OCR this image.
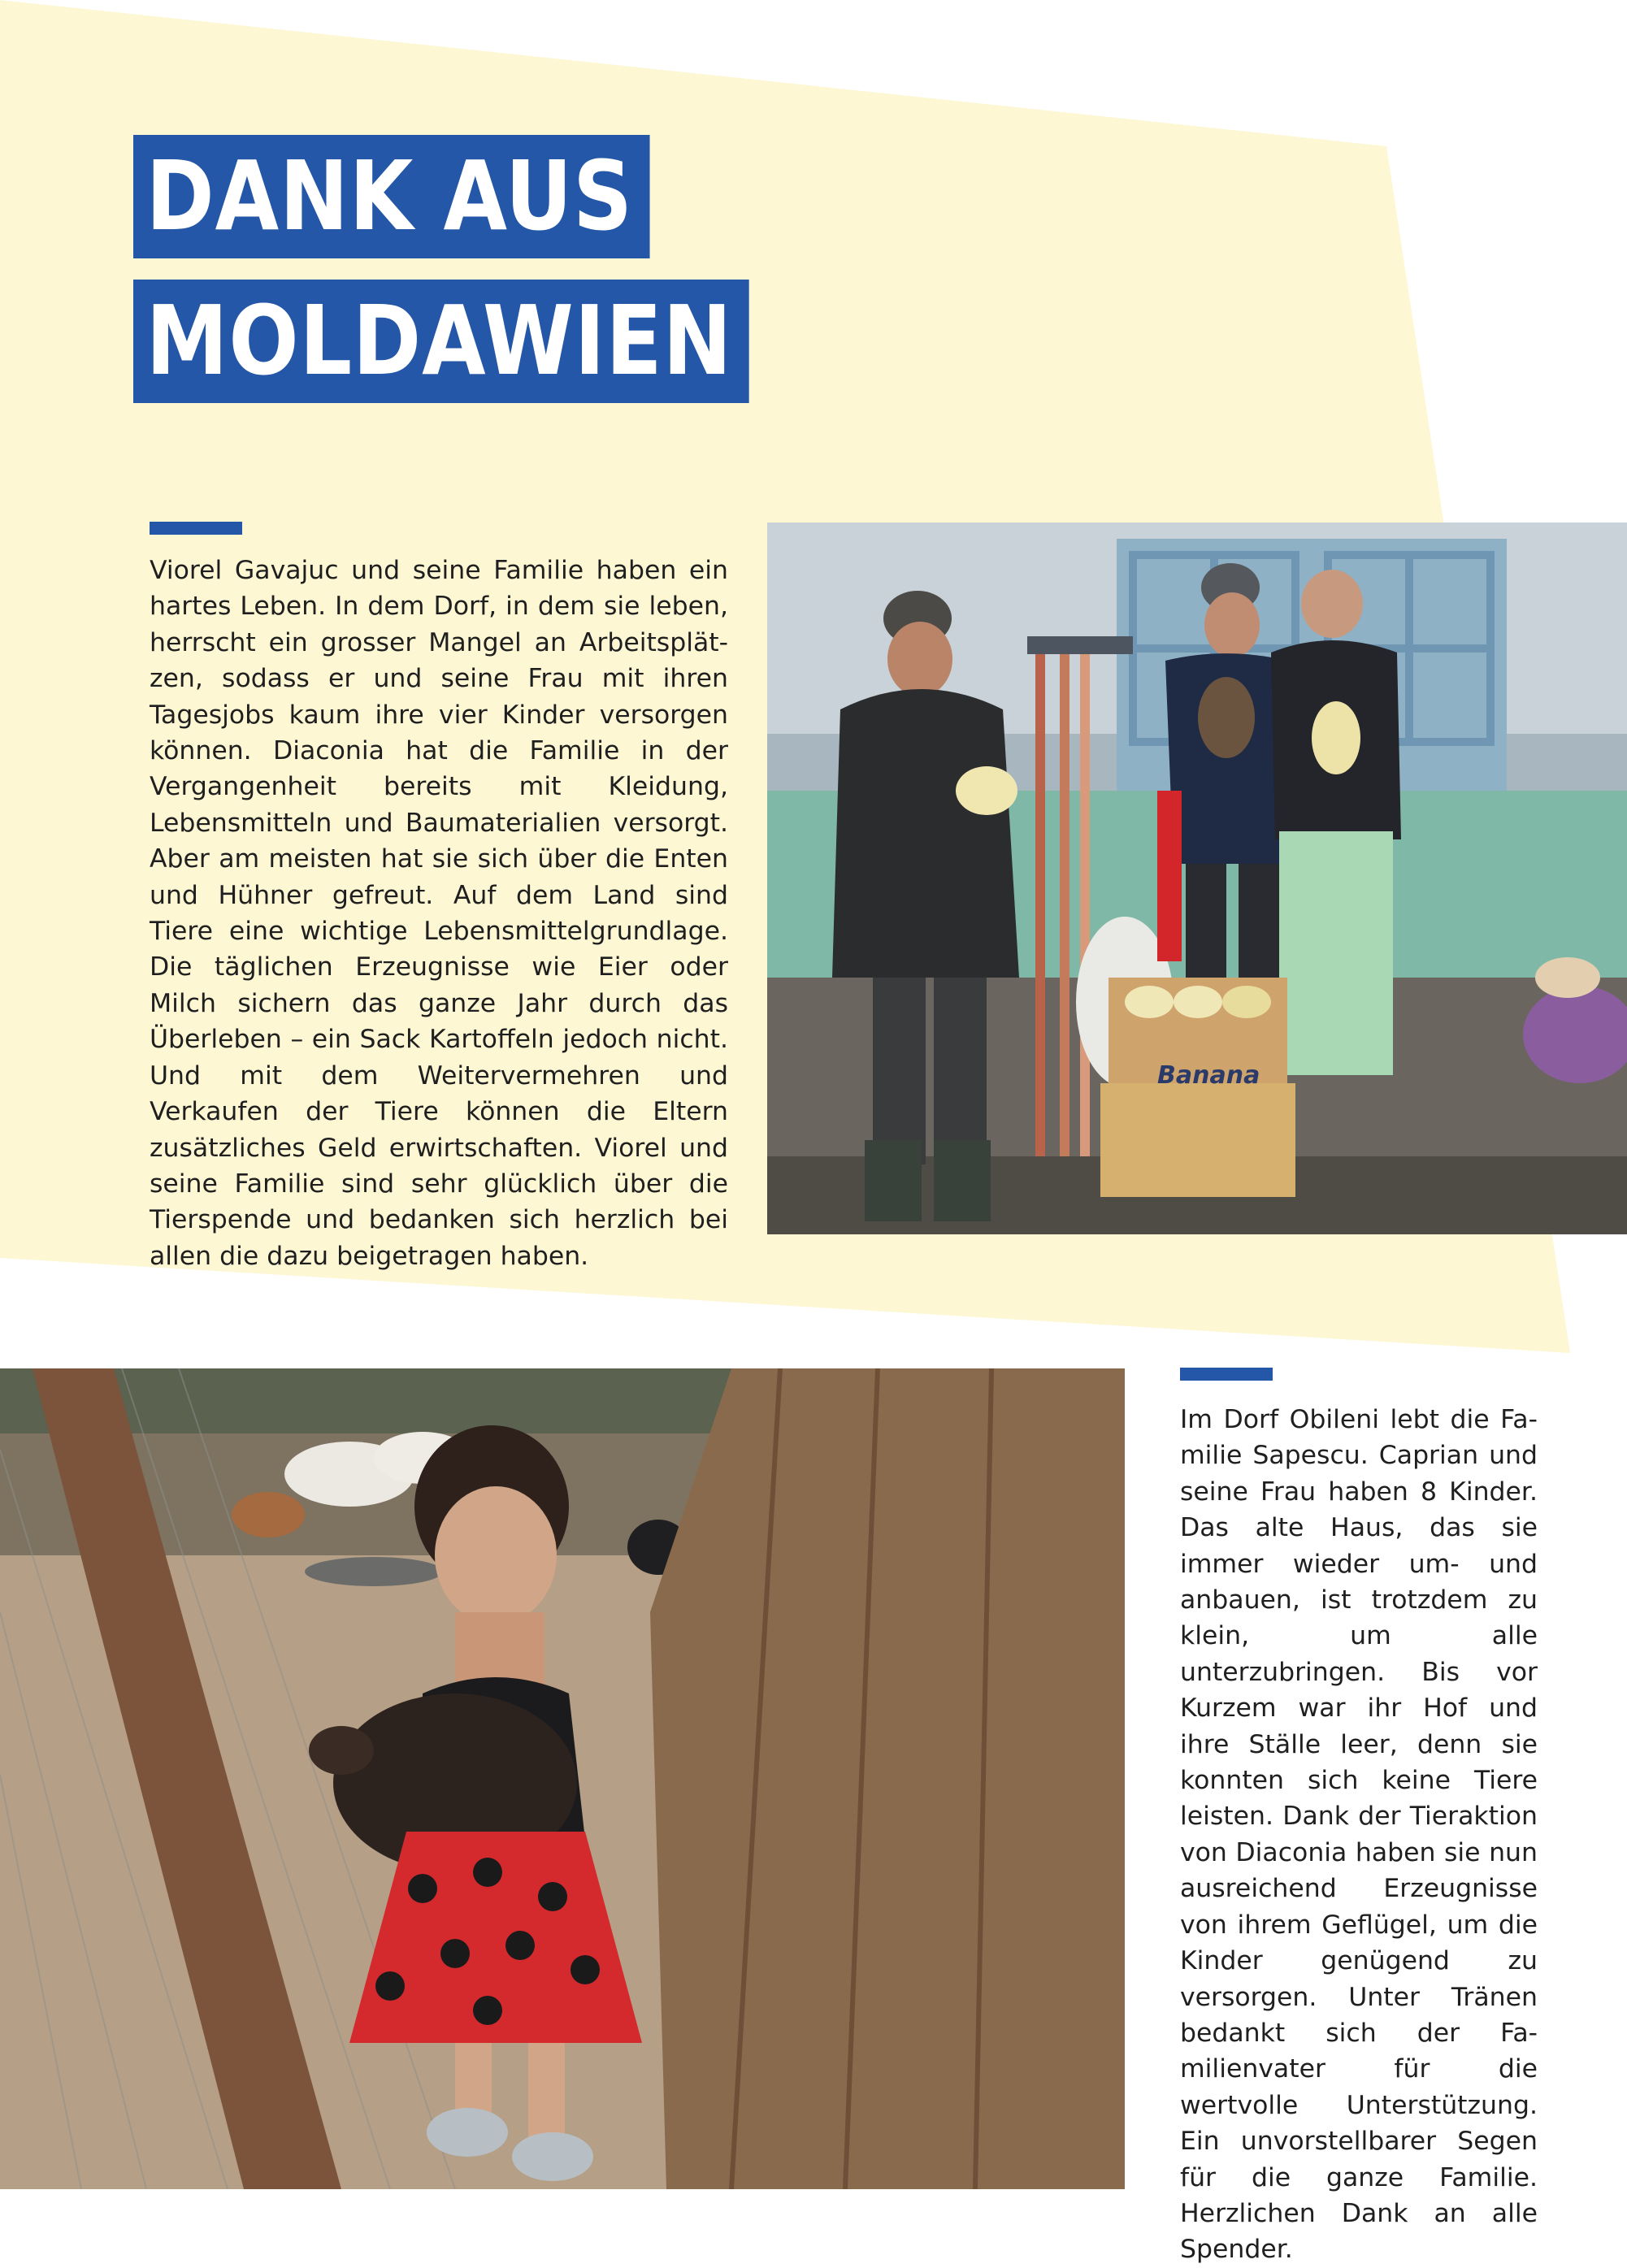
DANK AUS
MOLDAWIEN

Viorel Gavajuc und seine Familie haben ein hartes Leben. In dem Dorf, in dem sie leben, herrscht ein grosser Mangel an Arbeitsplätzen, sodass er und seine Frau mit ihren Tagesjobs kaum ihre vier Kinder versorgen können. Diaconia hat die Familie in der Vergangenheit bereits mit Kleidung, Lebensmitteln und Baumaterialien versorgt. Aber am meisten hat sie sich über die Enten und Hühner gefreut. Auf dem Land sind Tiere eine wichtige Lebensmittelgrundlage. Die täglichen Erzeugnisse wie Eier oder Milch sichern das ganze Jahr durch das Überleben – ein Sack Kartoffeln jedoch nicht. Und mit dem Weitervermehren und Verkaufen der Tiere können die Eltern zusätzliches Geld erwirtschaften. Viorel und seine Familie sind sehr glücklich über die Tierspende und bedanken sich herzlich bei allen die dazu beigetragen haben.

Banana

Im Dorf Obileni lebt die Familie Sapescu. Caprian und seine Frau haben 8 Kinder. Das alte Haus, das sie immer wieder um- und anbauen, ist trotzdem zu klein, um alle unterzubringen. Bis vor Kurzem war ihr Hof und ihre Ställe leer, denn sie konnten sich keine Tiere leisten. Dank der Tieraktion von Diaconia haben sie nun ausreichend Erzeugnisse von ihrem Geflügel, um die Kinder genügend zu versorgen. Unter Tränen bedankt sich der Familienvater für die wertvolle Unterstützung. Ein unvorstellbarer Segen für die ganze Familie. Herzlichen Dank an alle Spender.
